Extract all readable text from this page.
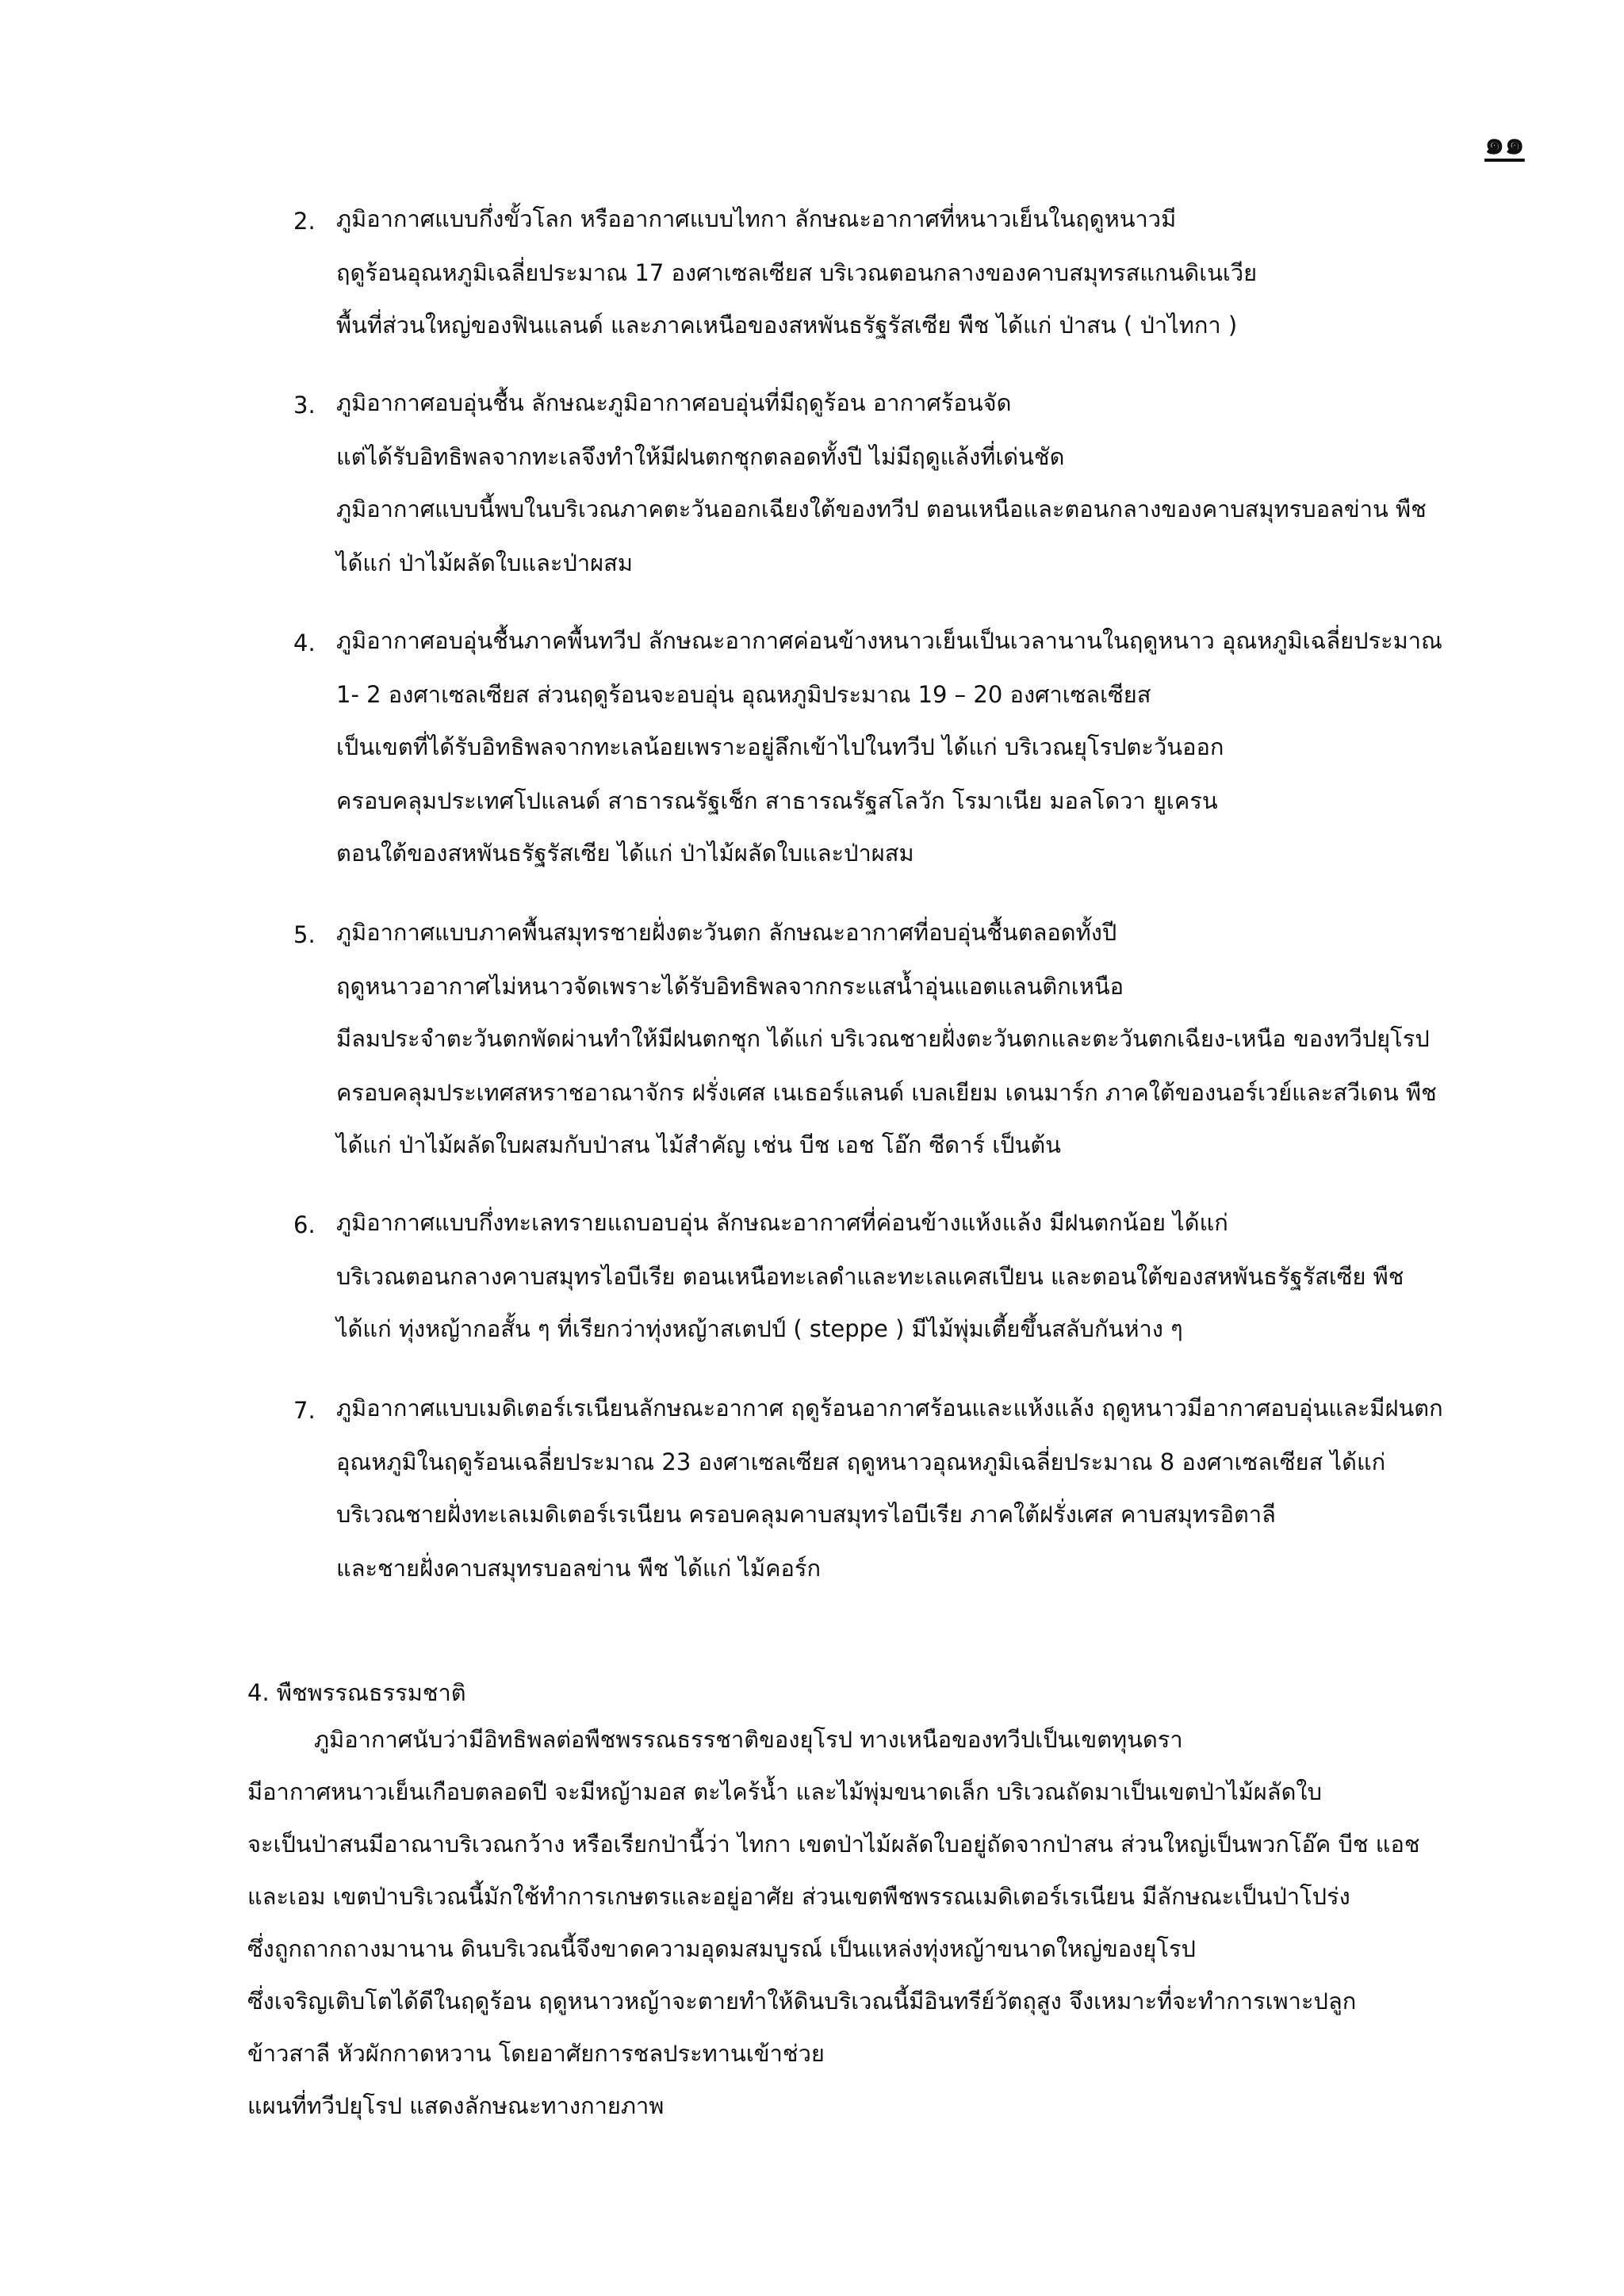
๑๑
2. ภูมิอากาศแบบกึ่งขั้วโลก หรืออากาศแบบไทกา ลักษณะอากาศที่หนาวเย็นในฤดูหนาวมี
ฤดูร้อนอุณหภูมิเฉลี่ยประมาณ 17 องศาเซลเซียส บริเวณตอนกลางของคาบสมุทรสแกนดิเนเวีย
พื้นที่ส่วนใหญ่ของฟินแลนด์ และภาคเหนือของสหพันธรัฐรัสเซีย พืช ได้แก่ ป่าสน ( ป่าไทกา )
3. ภูมิอากาศอบอุ่นชื้น ลักษณะภูมิอากาศอบอุ่นที่มีฤดูร้อน อากาศร้อนจัด
แต่ได้รับอิทธิพลจากทะเลจึงทำให้มีฝนตกชุกตลอดทั้งปี ไม่มีฤดูแล้งที่เด่นชัด
ภูมิอากาศแบบนี้พบในบริเวณภาคตะวันออกเฉียงใต้ของทวีป ตอนเหนือและตอนกลางของคาบสมุทรบอลข่าน พืช
ได้แก่ ป่าไม้ผลัดใบและป่าผสม
4. ภูมิอากาศอบอุ่นชื้นภาคพื้นทวีป ลักษณะอากาศค่อนข้างหนาวเย็นเป็นเวลานานในฤดูหนาว อุณหภูมิเฉลี่ยประมาณ
1- 2 องศาเซลเซียส ส่วนฤดูร้อนจะอบอุ่น อุณหภูมิประมาณ 19 – 20 องศาเซลเซียส
เป็นเขตที่ได้รับอิทธิพลจากทะเลน้อยเพราะอยู่ลึกเข้าไปในทวีป ได้แก่ บริเวณยุโรปตะวันออก
ครอบคลุมประเทศโปแลนด์ สาธารณรัฐเช็ก สาธารณรัฐสโลวัก โรมาเนีย มอลโดวา ยูเครน
ตอนใต้ของสหพันธรัฐรัสเซีย ได้แก่ ป่าไม้ผลัดใบและป่าผสม
5. ภูมิอากาศแบบภาคพื้นสมุทรชายฝั่งตะวันตก ลักษณะอากาศที่อบอุ่นชื้นตลอดทั้งปี
ฤดูหนาวอากาศไม่หนาวจัดเพราะได้รับอิทธิพลจากกระแสน้ำอุ่นแอตแลนติกเหนือ
มีลมประจำตะวันตกพัดผ่านทำให้มีฝนตกชุก ได้แก่ บริเวณชายฝั่งตะวันตกและตะวันตกเฉียง-เหนือ ของทวีปยุโรป
ครอบคลุมประเทศสหราชอาณาจักร ฝรั่งเศส เนเธอร์แลนด์ เบลเยียม เดนมาร์ก ภาคใต้ของนอร์เวย์และสวีเดน พืช
ได้แก่ ป่าไม้ผลัดใบผสมกับป่าสน ไม้สำคัญ เช่น บีช เอช โอ๊ก ซีดาร์ เป็นต้น
6. ภูมิอากาศแบบกึ่งทะเลทรายแถบอบอุ่น ลักษณะอากาศที่ค่อนข้างแห้งแล้ง มีฝนตกน้อย ได้แก่
บริเวณตอนกลางคาบสมุทรไอบีเรีย ตอนเหนือทะเลดำและทะเลแคสเปียน และตอนใต้ของสหพันธรัฐรัสเซีย พืช
ได้แก่ ทุ่งหญ้ากอสั้น ๆ ที่เรียกว่าทุ่งหญ้าสเตปป์ ( steppe ) มีไม้พุ่มเตี้ยขึ้นสลับกันห่าง ๆ
7. ภูมิอากาศแบบเมดิเตอร์เรเนียนลักษณะอากาศ ฤดูร้อนอากาศร้อนและแห้งแล้ง ฤดูหนาวมีอากาศอบอุ่นและมีฝนตก
อุณหภูมิในฤดูร้อนเฉลี่ยประมาณ 23 องศาเซลเซียส ฤดูหนาวอุณหภูมิเฉลี่ยประมาณ 8 องศาเซลเซียส ได้แก่
บริเวณชายฝั่งทะเลเมดิเตอร์เรเนียน ครอบคลุมคาบสมุทรไอบีเรีย ภาคใต้ฝรั่งเศส คาบสมุทรอิตาลี
และชายฝั่งคาบสมุทรบอลข่าน พืช ได้แก่ ไม้คอร์ก
4. พืชพรรณธรรมชาติ
ภูมิอากาศนับว่ามีอิทธิพลต่อพืชพรรณธรรชาติของยุโรป ทางเหนือของทวีปเป็นเขตทุนดรา
มีอากาศหนาวเย็นเกือบตลอดปี จะมีหญ้ามอส ตะไคร้น้ำ และไม้พุ่มขนาดเล็ก บริเวณถัดมาเป็นเขตป่าไม้ผลัดใบ
จะเป็นป่าสนมีอาณาบริเวณกว้าง หรือเรียกป่านี้ว่า ไทกา เขตป่าไม้ผลัดใบอยู่ถัดจากป่าสน ส่วนใหญ่เป็นพวกโอ๊ค บีช แอช
และเอม เขตป่าบริเวณนี้มักใช้ทำการเกษตรและอยู่อาศัย ส่วนเขตพืชพรรณเมดิเตอร์เรเนียน มีลักษณะเป็นป่าโปร่ง
ซึ่งถูกถากถางมานาน ดินบริเวณนี้จึงขาดความอุดมสมบูรณ์ เป็นแหล่งทุ่งหญ้าขนาดใหญ่ของยุโรป
ซึ่งเจริญเติบโตได้ดีในฤดูร้อน ฤดูหนาวหญ้าจะตายทำให้ดินบริเวณนี้มีอินทรีย์วัตถุสูง จึงเหมาะที่จะทำการเพาะปลูก
ข้าวสาลี หัวผักกาดหวาน โดยอาศัยการชลประทานเข้าช่วย
แผนที่ทวีปยุโรป แสดงลักษณะทางกายภาพ
